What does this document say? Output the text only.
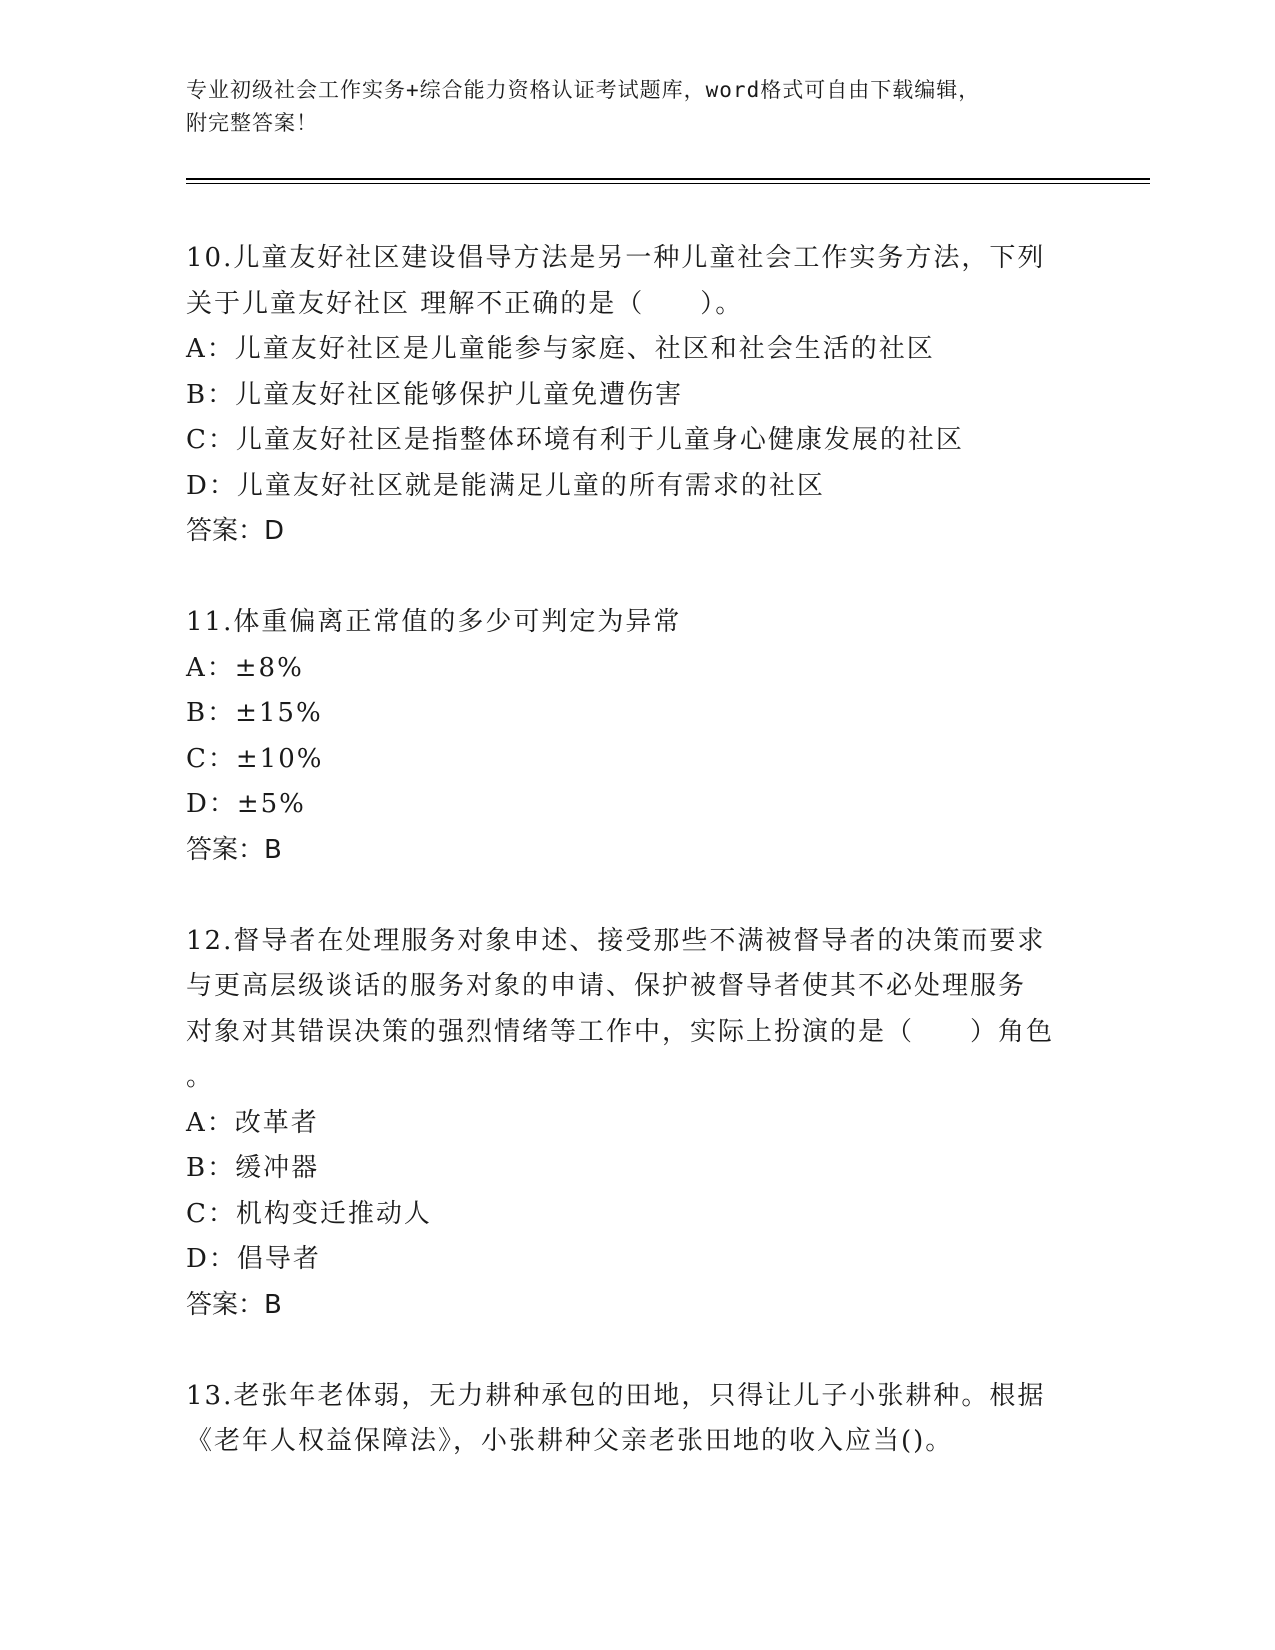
专业初级社会工作实务+综合能力资格认证考试题库，word格式可自由下载编辑，
附完整答案！
10.儿童友好社区建设倡导方法是另一种儿童社会工作实务方法，下列
关于儿童友好社区 理解不正确的是（　　）。
A：儿童友好社区是儿童能参与家庭、社区和社会生活的社区
B：儿童友好社区能够保护儿童免遭伤害
C：儿童友好社区是指整体环境有利于儿童身心健康发展的社区
D：儿童友好社区就是能满足儿童的所有需求的社区
答案：D
11.体重偏离正常值的多少可判定为异常
A：±8%
B：±15%
C：±10%
D：±5%
答案：B
12.督导者在处理服务对象申述、接受那些不满被督导者的决策而要求
与更高层级谈话的服务对象的申请、保护被督导者使其不必处理服务
对象对其错误决策的强烈情绪等工作中，实际上扮演的是（　　）角色
。
A：改革者
B：缓冲器
C：机构变迁推动人
D：倡导者
答案：B
13.老张年老体弱，无力耕种承包的田地，只得让儿子小张耕种。根据
《老年人权益保障法》，小张耕种父亲老张田地的收入应当()。
